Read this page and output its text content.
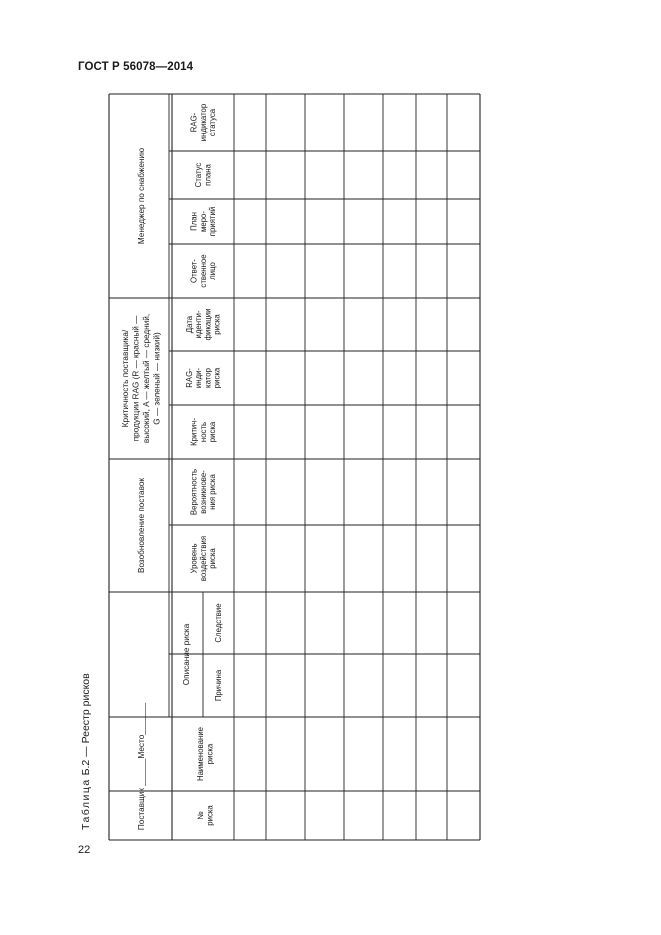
ГОСТ Р 56078—2014
Таблица Б.2 — Реестр рисков
22
№риска
Наименованиериска
Причина
Следствие
Уровеньвоздействияриска
Вероятностьвозникнове-ния риска
Критич-ностьриска
RAG-инди-каторриска
Датаиденти-фикациириска
Ответ-ственноелицо
Планмеро-приятий
Статусплана
RAG-индикаторстатуса
Поставщик ______Место_______
Описание риска
Возобновление поставок
Критичность поставщика/ продукции RAG (R — красный — высокий, A — желтый — средний, G — зеленый — низкий)
Менеджер по снабжению
